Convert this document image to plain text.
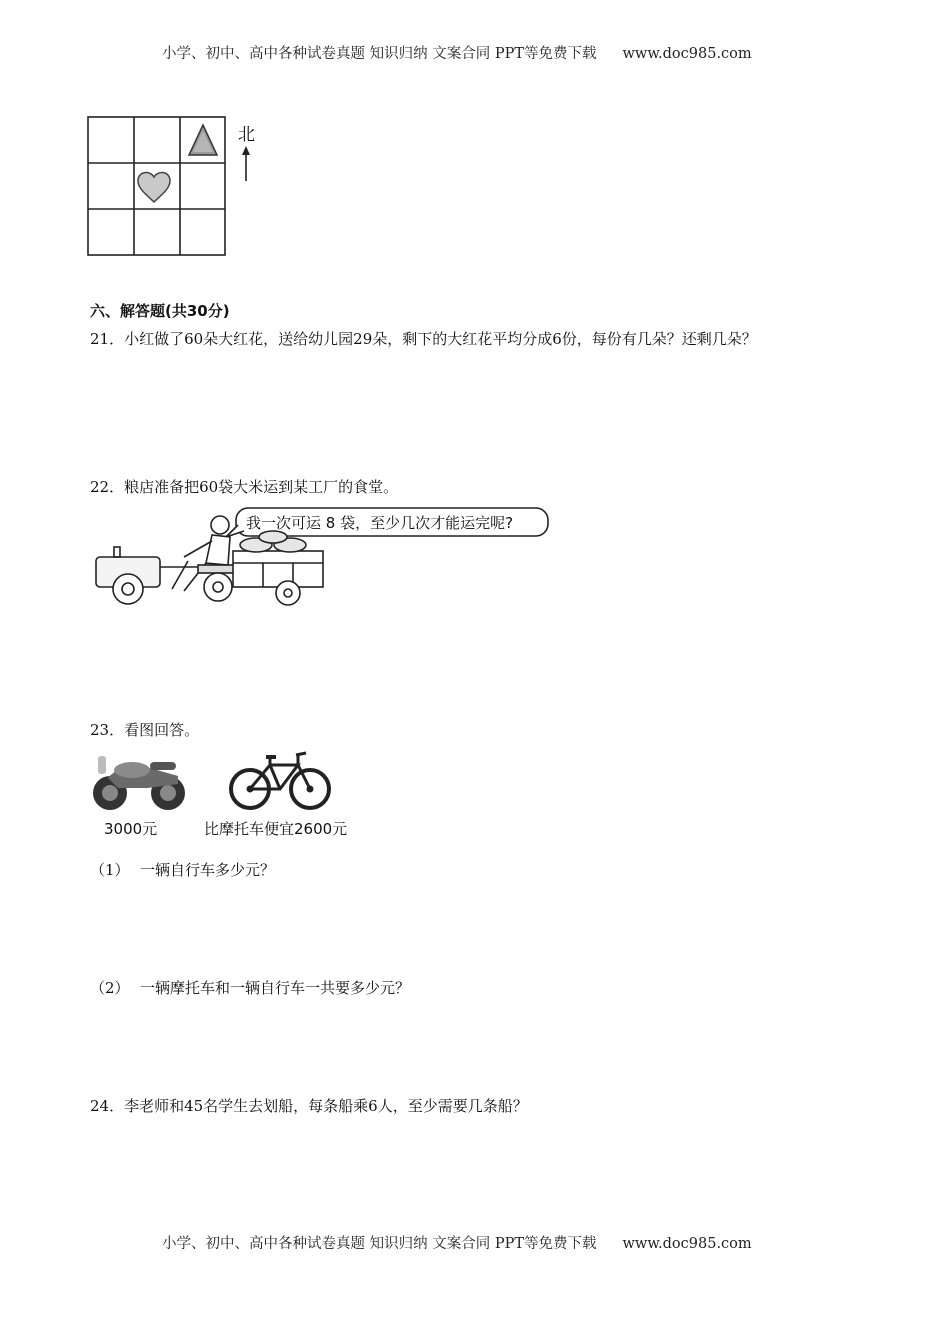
小学、初中、高中各种试卷真题 知识归纳 文案合同 PPT等免费下载 www.doc985.com
北
六、解答题(共30分)
21．小红做了60朵大红花，送给幼儿园29朵，剩下的大红花平均分成6份，每份有几朵？还剩几朵？
22．粮店准备把60袋大米运到某工厂的食堂。
我一次可运 8 袋，至少几次才能运完呢?
23．看图回答。
3000元	比摩托车便宜2600元
（1） 一辆自行车多少元？
（2） 一辆摩托车和一辆自行车一共要多少元？
24．李老师和45名学生去划船，每条船乘6人，至少需要几条船？
小学、初中、高中各种试卷真题 知识归纳 文案合同 PPT等免费下载 www.doc985.com
